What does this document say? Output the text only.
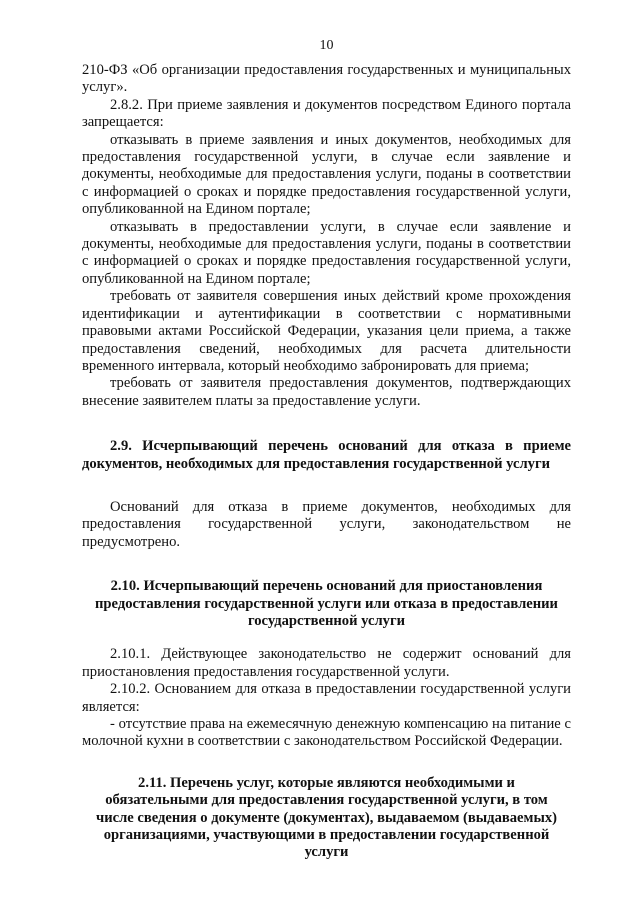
10

210-ФЗ «Об организации предоставления государственных и муниципальных услуг».

2.8.2. При приеме заявления и документов посредством Единого портала запрещается:

отказывать в приеме заявления и иных документов, необходимых для предоставления государственной услуги, в случае если заявление и документы, необходимые для предоставления услуги, поданы в соответствии с информацией о сроках и порядке предоставления государственной услуги, опубликованной на Едином портале;

отказывать в предоставлении услуги, в случае если заявление и документы, необходимые для предоставления услуги, поданы в соответствии с информацией о сроках и порядке предоставления государственной услуги, опубликованной на Едином портале;

требовать от заявителя совершения иных действий кроме прохождения идентификации и аутентификации в соответствии с нормативными правовыми актами Российской Федерации, указания цели приема, а также предоставления сведений, необходимых для расчета длительности временного интервала, который необходимо забронировать для приема;

требовать от заявителя предоставления документов, подтверждающих внесение заявителем платы за предоставление услуги.

2.9. Исчерпывающий перечень оснований для отказа в приеме документов, необходимых для предоставления государственной услуги

Оснований для отказа в приеме документов, необходимых для предоставления государственной услуги, законодательством не предусмотрено.

2.10. Исчерпывающий перечень оснований для приостановления
предоставления государственной услуги или отказа в предоставлении
государственной услуги

2.10.1. Действующее законодательство не содержит оснований для приостановления предоставления государственной услуги.

2.10.2. Основанием для отказа в предоставлении государственной услуги является:

- отсутствие права на ежемесячную денежную компенсацию на питание с молочной кухни в соответствии с законодательством Российской Федерации.

2.11. Перечень услуг, которые являются необходимыми и
обязательными для предоставления государственной услуги, в том
числе сведения о документе (документах), выдаваемом (выдаваемых)
организациями, участвующими в предоставлении государственной
услуги
